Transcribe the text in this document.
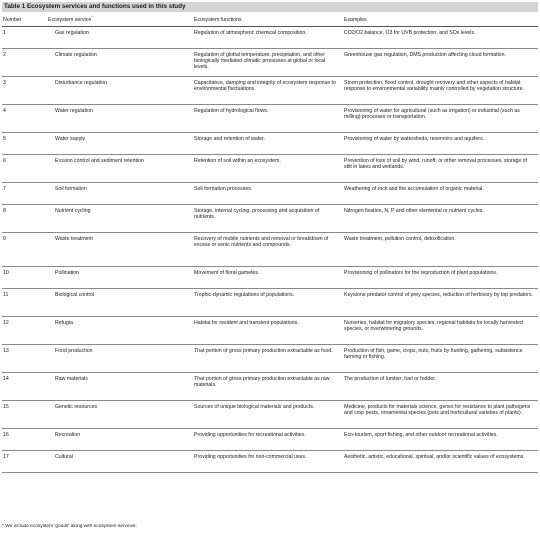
Table 1 Ecosystem services and functions used in this study
Number	Ecosystem service*	Ecosystem functions	Examples
1	Gas regulation	Regulation of atmospheric chemical composition.	CO2/O2 balance, O3 for UVB protection, and SOx levels.
2	Climate regulation	Regulation of global temperature, precipitation, and other biologically mediated climatic processes at global or local levels.	Greenhouse gas regulation, DMS production affecting cloud formation.
3	Disturbance regulation	Capacitance, damping and integrity of ecosystem response to environmental fluctuations.	Storm protection, flood control, drought recovery and other aspects of habitat response to environmental variability mainly controlled by vegetation structure.
4	Water regulation	Regulation of hydrological flows.	Provisioning of water for agricultural (such as irrigation) or industrial (such as milling) processes or transportation.
5	Water supply	Storage and retention of water.	Provisioning of water by watersheds, reservoirs and aquifers.
6	Erosion control and sediment retention	Retention of soil within an ecosystem.	Prevention of loss of soil by wind, runoff, or other removal processes, storage of stilt in lakes and wetlands.
7	Soil formation	Soil formation processes.	Weathering of rock and the accumulation of organic material.
8	Nutrient cycling	Storage, internal cycling, processing and acquisition of nutrients.	Nitrogen fixation, N, P and other elemental or nutrient cycles.
9	Waste treatment	Recovery of mobile nutrients and removal or breakdown of excess or xenic nutrients and compounds.	Waste treatment, pollution control, detoxification.
10	Pollination	Movement of floral gametes.	Provisioning of pollinators for the reproduction of plant populations.
11	Biological control	Trophic-dynamic regulations of populations.	Keystone predator control of prey species, reduction of herbivory by top predators.
12	Refugia	Habitat for resident and transient populations.	Nurseries, habitat for migratory species, regional habitats for locally harvested species, or overwintering grounds.
13	Food production	That portion of gross primary production extractable as food.	Production of fish, game, crops, nuts, fruits by hunting, gathering, subsistence farming or fishing.
14	Raw materials	That portion of gross primary production extractable as raw materials.	The production of lumber, fuel or fodder.
15	Genetic resources	Sources of unique biological materials and products.	Medicine, products for materials science, genes for resistance to plant pathogens and crop pests, ornamental species (pets and horticultural varieties of plants).
16	Recreation	Providing opportunities for recreational activities.	Eco-tourism, sport fishing, and other outdoor recreational activities.
17	Cultural	Providing opportunities for non-commercial uses.	Aesthetic, artistic, educational, spiritual, and/or scientific values of ecosystems.
* We include ecosystem 'goods' along with ecosystem services.
